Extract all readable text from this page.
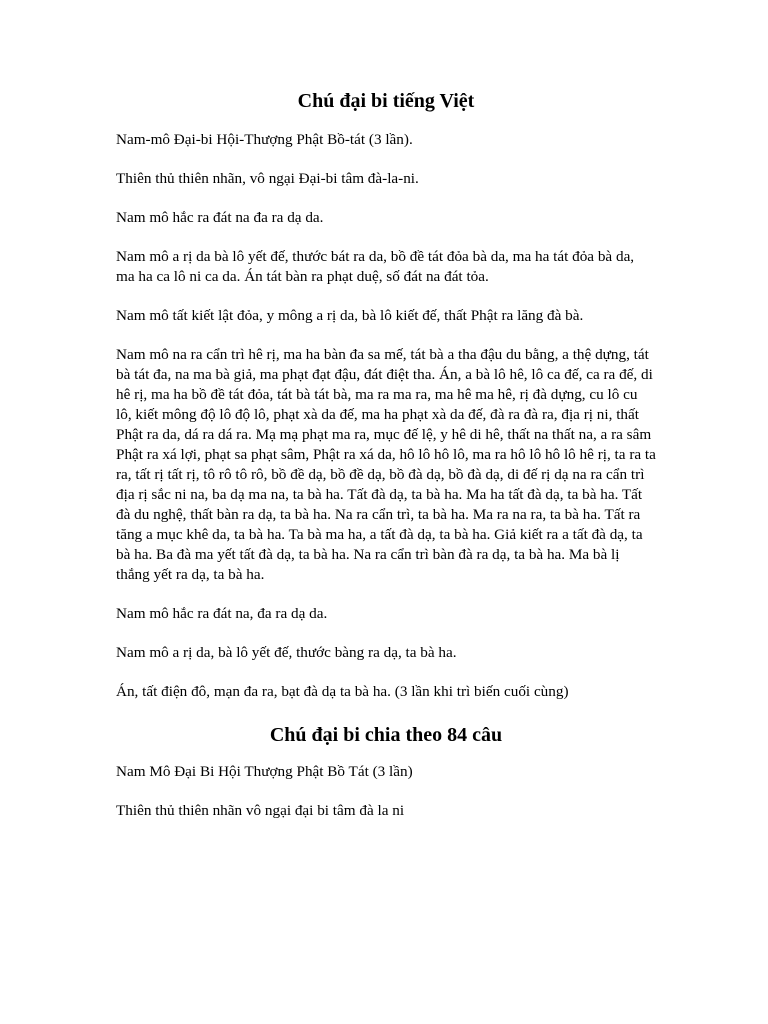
Chú đại bi tiếng Việt

Nam-mô Đại-bi Hội-Thượng Phật Bồ-tát (3 lần).

Thiên thủ thiên nhãn, vô ngại Đại-bi tâm đà-la-ni.

Nam mô hắc ra đát na đa ra dạ da.

Nam mô a rị da bà lô yết đế, thước bát ra da, bồ đề tát đỏa bà da, ma ha tát đỏa bà da, ma ha ca lô ni ca da. Án tát bàn ra phạt duệ, số đát na đát tỏa.

Nam mô tất kiết lật đỏa, y mông a rị da, bà lô kiết đế, thất Phật ra lăng đà bà.

Nam mô na ra cẩn trì hê rị, ma ha bàn đa sa mế, tát bà a tha đậu du bằng, a thệ dựng, tát bà tát đa, na ma bà giả, ma phạt đạt đậu, đát điệt tha. Án, a bà lô hê, lô ca đế, ca ra đế, di hê rị, ma ha bồ đề tát đỏa, tát bà tát bà, ma ra ma ra, ma hê ma hê, rị đà dựng, cu lô cu lô, kiết mông độ lô độ lô, phạt xà da đế, ma ha phạt xà da đế, đà ra đà ra, địa rị ni, thất Phật ra da, dá ra dá ra. Mạ mạ phạt ma ra, mục đế lệ, y hê di hê, thất na thất na, a ra sâm Phật ra xá lợi, phạt sa phạt sâm, Phật ra xá da, hô lô hô lô, ma ra hô lô hô lô hê rị, ta ra ta ra, tất rị tất rị, tô rô tô rô, bồ đề dạ, bồ đề dạ, bồ đà dạ, bồ đà dạ, di đế rị dạ na ra cẩn trì địa rị sắc ni na, ba dạ ma na, ta bà ha. Tất đà dạ, ta bà ha. Ma ha tất đà dạ, ta bà ha. Tất đà du nghệ, thất bàn ra dạ, ta bà ha. Na ra cẩn trì, ta bà ha. Ma ra na ra, ta bà ha. Tất ra tăng a mục khê da, ta bà ha. Ta bà ma ha, a tất đà dạ, ta bà ha. Giả kiết ra a tất đà dạ, ta bà ha. Ba đà ma yết tất đà dạ, ta bà ha. Na ra cẩn trì bàn đà ra dạ, ta bà ha. Ma bà lị thắng yết ra dạ, ta bà ha.

Nam mô hắc ra đát na, đa ra dạ da.

Nam mô a rị da, bà lô yết đế, thước bàng ra dạ, ta bà ha.

Án, tất điện đô, mạn đa ra, bạt đà dạ ta bà ha. (3 lần khi trì biến cuối cùng)

Chú đại bi chia theo 84 câu

Nam Mô Đại Bi Hội Thượng Phật Bồ Tát (3 lần)

Thiên thủ thiên nhãn vô ngại đại bi tâm đà la ni
